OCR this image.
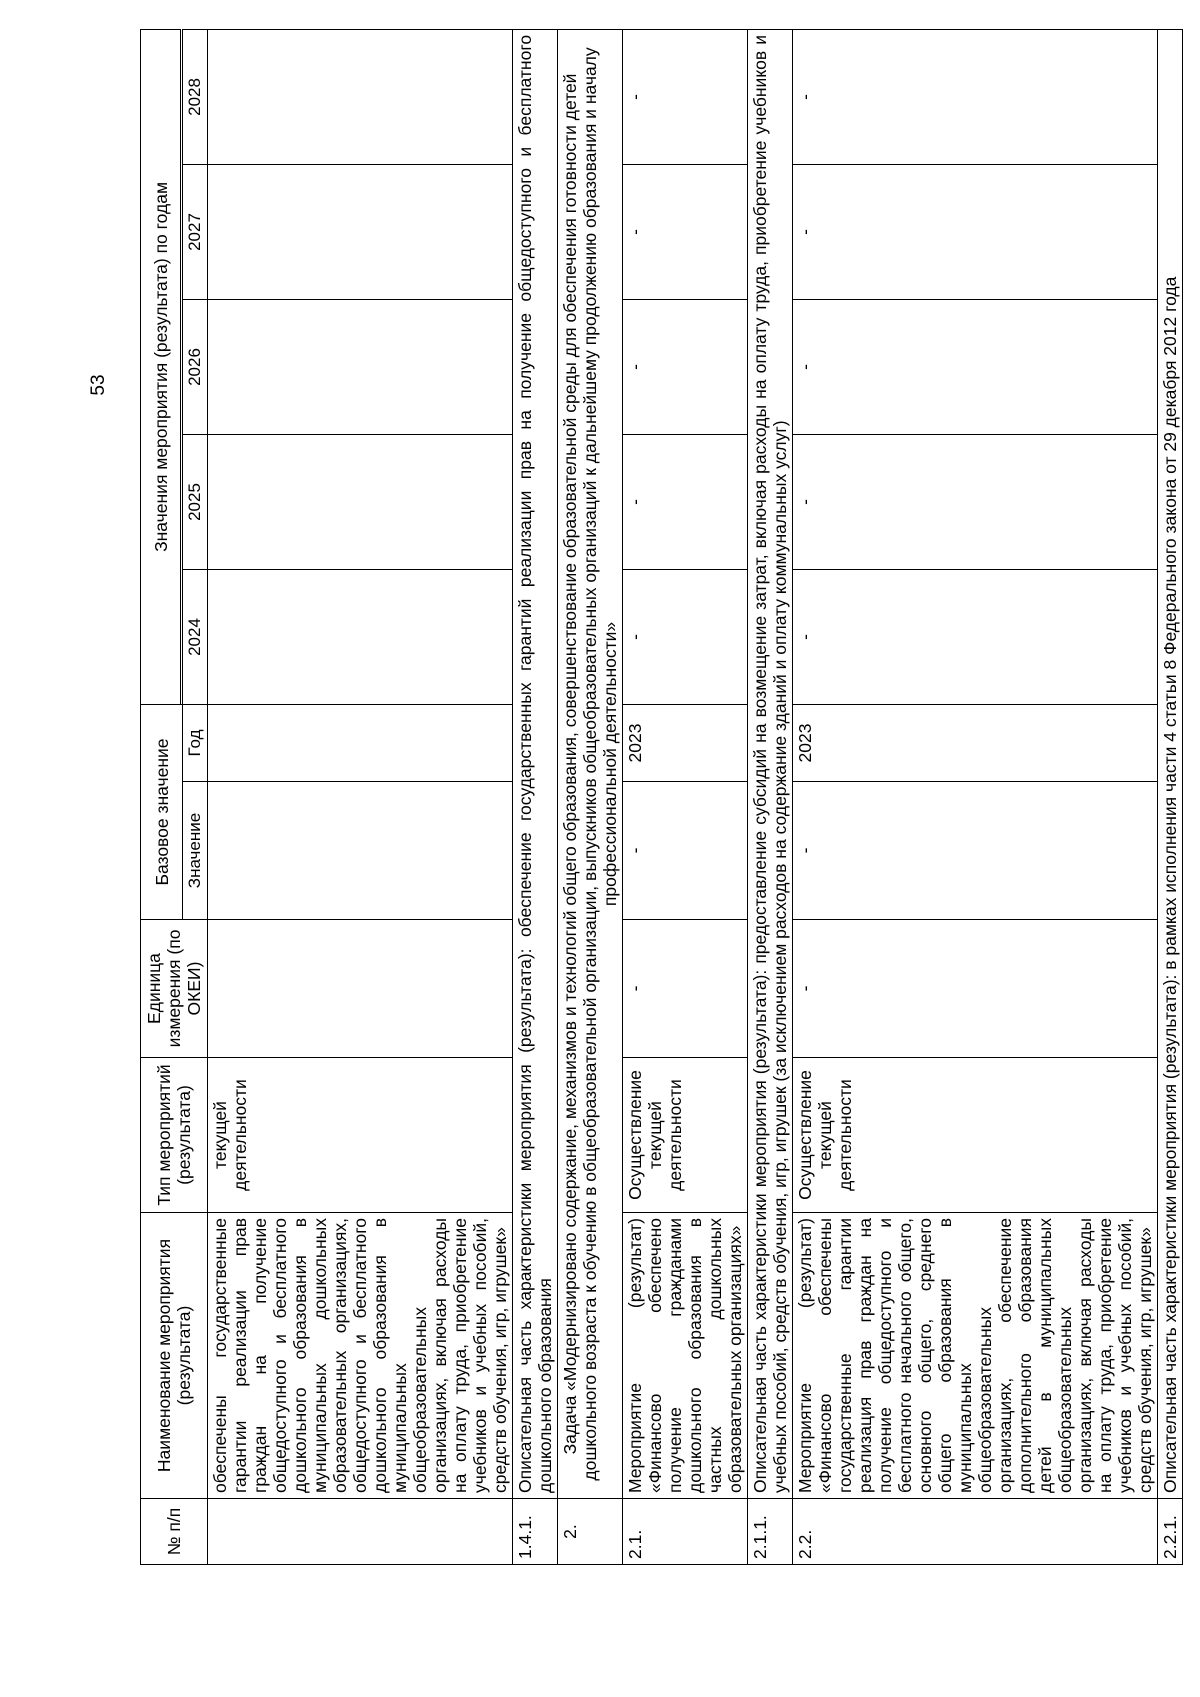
53
№ п/п	Наименование мероприятия (результата)	Тип мероприятий (результата)	Единица измерения (по ОКЕИ)	Базовое значение		Значения мероприятия (результата) по годам				

				Значение	Год	2024	2025	2026	2027	2028
	обеспечены государственные гарантии реализации прав граждан на получение общедоступного и бесплатного дошкольного образования в муниципальных дошкольных образовательных организациях, общедоступного и бесплатного дошкольного образования в муниципальных общеобразовательных организациях, включая расходы на оплату труда, приобретение учебников и учебных пособий, средств обучения, игр, игрушек»	текущей деятельности								
1.4.1.	Описательная часть характеристики мероприятия (результата): обеспечение государственных гарантий реализации прав на получение общедоступного и бесплатного дошкольного образования									
2.	Задача «Модернизировано содержание, механизмов и технологий общего образования, совершенствование образовательной среды для обеспечения готовности детей дошкольного возраста к обучению в общеобразовательной организации, выпускников общеобразовательных организаций к дальнейшему продолжению образования и началу профессиональной деятельности»									
2.1.	Мероприятие (результат) «Финансово обеспечено получение гражданами дошкольного образования в частных дошкольных образовательных организациях»	Осуществление текущей деятельности	-	-	2023	-	-	-	-	-
2.1.1.	Описательная часть характеристики мероприятия (результата): предоставление субсидий на возмещение затрат, включая расходы на оплату труда, приобретение учебников и учебных пособий, средств обучения, игр, игрушек (за исключением расходов на содержание зданий и оплату коммунальных услуг)									
2.2.	Мероприятие (результат) «Финансово обеспечены государственные гарантии реализация прав граждан на получение общедоступного и бесплатного начального общего, основного общего, среднего общего образования в муниципальных общеобразовательных организациях, обеспечение дополнительного образования детей в муниципальных общеобразовательных организациях, включая расходы на оплату труда, приобретение учебников и учебных пособий, средств обучения, игр, игрушек»	Осуществление текущей деятельности	-	-	2023	-	-	-	-	-
2.2.1.	Описательная часть характеристики мероприятия (результата): в рамках исполнения части 4 статьи 8 Федерального закона от 29 декабря 2012 года									
